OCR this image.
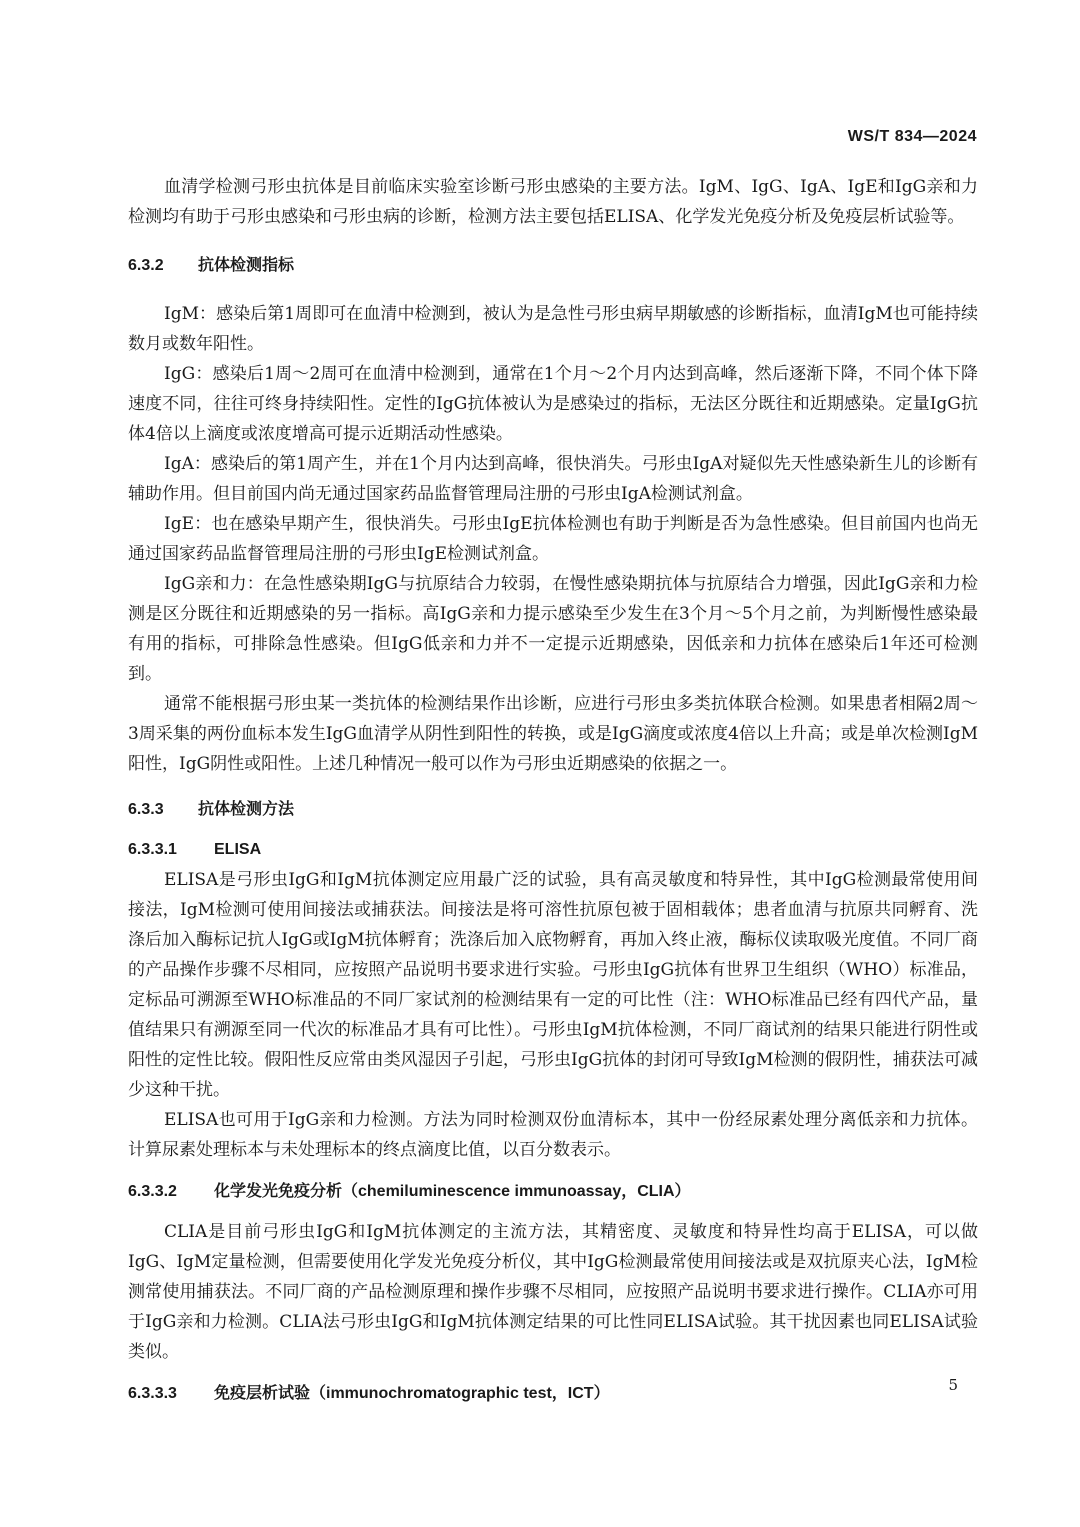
WS/T 834—2024

血清学检测弓形虫抗体是目前临床实验室诊断弓形虫感染的主要方法。IgM、IgG、IgA、IgE和IgG亲和力检测均有助于弓形虫感染和弓形虫病的诊断，检测方法主要包括ELISA、化学发光免疫分析及免疫层析试验等。

6.3.2 抗体检测指标

IgM：感染后第1周即可在血清中检测到，被认为是急性弓形虫病早期敏感的诊断指标，血清IgM也可能持续数月或数年阳性。

IgG：感染后1周～2周可在血清中检测到，通常在1个月～2个月内达到高峰，然后逐渐下降，不同个体下降速度不同，往往可终身持续阳性。定性的IgG抗体被认为是感染过的指标，无法区分既往和近期感染。定量IgG抗体4倍以上滴度或浓度增高可提示近期活动性感染。

IgA：感染后的第1周产生，并在1个月内达到高峰，很快消失。弓形虫IgA对疑似先天性感染新生儿的诊断有辅助作用。但目前国内尚无通过国家药品监督管理局注册的弓形虫IgA检测试剂盒。

IgE：也在感染早期产生，很快消失。弓形虫IgE抗体检测也有助于判断是否为急性感染。但目前国内也尚无通过国家药品监督管理局注册的弓形虫IgE检测试剂盒。

IgG亲和力：在急性感染期IgG与抗原结合力较弱，在慢性感染期抗体与抗原结合力增强，因此IgG亲和力检测是区分既往和近期感染的另一指标。高IgG亲和力提示感染至少发生在3个月～5个月之前，为判断慢性感染最有用的指标，可排除急性感染。但IgG低亲和力并不一定提示近期感染，因低亲和力抗体在感染后1年还可检测到。

通常不能根据弓形虫某一类抗体的检测结果作出诊断，应进行弓形虫多类抗体联合检测。如果患者相隔2周～3周采集的两份血标本发生IgG血清学从阴性到阳性的转换，或是IgG滴度或浓度4倍以上升高；或是单次检测IgM阳性，IgG阴性或阳性。上述几种情况一般可以作为弓形虫近期感染的依据之一。

6.3.3 抗体检测方法
6.3.3.1 ELISA

ELISA是弓形虫IgG和IgM抗体测定应用最广泛的试验，具有高灵敏度和特异性，其中IgG检测最常使用间接法，IgM检测可使用间接法或捕获法。间接法是将可溶性抗原包被于固相载体；患者血清与抗原共同孵育、洗涤后加入酶标记抗人IgG或IgM抗体孵育；洗涤后加入底物孵育，再加入终止液，酶标仪读取吸光度值。不同厂商的产品操作步骤不尽相同，应按照产品说明书要求进行实验。弓形虫IgG抗体有世界卫生组织（WHO）标准品，定标品可溯源至WHO标准品的不同厂家试剂的检测结果有一定的可比性（注：WHO标准品已经有四代产品，量值结果只有溯源至同一代次的标准品才具有可比性）。弓形虫IgM抗体检测，不同厂商试剂的结果只能进行阴性或阳性的定性比较。假阳性反应常由类风湿因子引起，弓形虫IgG抗体的封闭可导致IgM检测的假阴性，捕获法可减少这种干扰。

ELISA也可用于IgG亲和力检测。方法为同时检测双份血清标本，其中一份经尿素处理分离低亲和力抗体。计算尿素处理标本与未处理标本的终点滴度比值，以百分数表示。

6.3.3.2 化学发光免疫分析（chemiluminescence immunoassay，CLIA）

CLIA是目前弓形虫IgG和IgM抗体测定的主流方法，其精密度、灵敏度和特异性均高于ELISA，可以做IgG、IgM定量检测，但需要使用化学发光免疫分析仪，其中IgG检测最常使用间接法或是双抗原夹心法，IgM检测常使用捕获法。不同厂商的产品检测原理和操作步骤不尽相同，应按照产品说明书要求进行操作。CLIA亦可用于IgG亲和力检测。CLIA法弓形虫IgG和IgM抗体测定结果的可比性同ELISA试验。其干扰因素也同ELISA试验类似。

6.3.3.3 免疫层析试验（immunochromatographic test，ICT）	5
